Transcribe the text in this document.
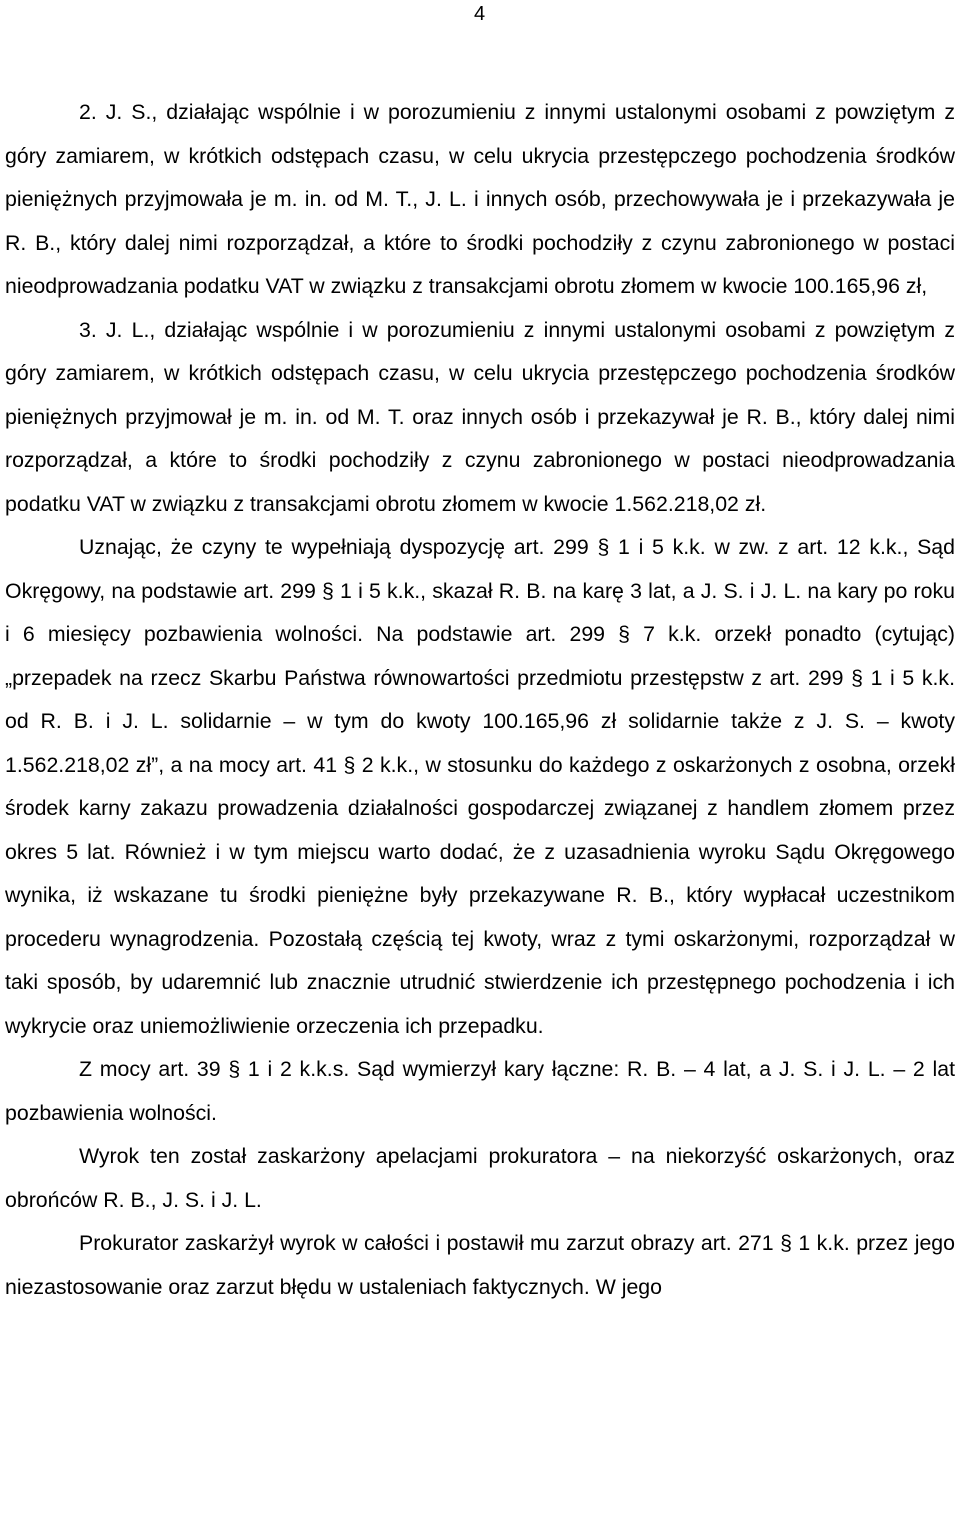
4

2. J. S., działając wspólnie i w porozumieniu z innymi ustalonymi osobami z powziętym z góry zamiarem, w krótkich odstępach czasu, w celu ukrycia przestępczego pochodzenia środków pieniężnych przyjmowała je m. in. od M. T., J. L. i innych osób, przechowywała je i przekazywała je R. B., który dalej nimi rozporządzał, a które to środki pochodziły z czynu zabronionego w postaci nieodprowadzania podatku VAT w związku z transakcjami obrotu złomem w kwocie 100.165,96 zł,

3. J. L., działając wspólnie i w porozumieniu z innymi ustalonymi osobami z powziętym z góry zamiarem, w krótkich odstępach czasu, w celu ukrycia przestępczego pochodzenia środków pieniężnych przyjmował je m. in. od M. T. oraz innych osób i przekazywał je R. B., który dalej nimi rozporządzał, a które to środki pochodziły z czynu zabronionego w postaci nieodprowadzania podatku VAT w związku z transakcjami obrotu złomem w kwocie 1.562.218,02 zł.

Uznając, że czyny te wypełniają dyspozycję art. 299 § 1 i 5 k.k. w zw. z art. 12 k.k., Sąd Okręgowy, na podstawie art. 299 § 1 i 5 k.k., skazał R. B. na karę 3 lat, a J. S. i J. L. na kary po roku i 6 miesięcy pozbawienia wolności. Na podstawie art. 299 § 7 k.k. orzekł ponadto (cytując) „przepadek na rzecz Skarbu Państwa równowartości przedmiotu przestępstw z art. 299 § 1 i 5 k.k. od R. B. i J. L. solidarnie – w tym do kwoty 100.165,96 zł solidarnie także z J. S. – kwoty 1.562.218,02 zł”, a na mocy art. 41 § 2 k.k., w stosunku do każdego z oskarżonych z osobna, orzekł środek karny zakazu prowadzenia działalności gospodarczej związanej z handlem złomem przez okres 5 lat. Również i w tym miejscu warto dodać, że z uzasadnienia wyroku Sądu Okręgowego wynika, iż wskazane tu środki pieniężne były przekazywane R. B., który wypłacał uczestnikom procederu wynagrodzenia. Pozostałą częścią tej kwoty, wraz z tymi oskarżonymi, rozporządzał w taki sposób, by udaremnić lub znacznie utrudnić stwierdzenie ich przestępnego pochodzenia i ich wykrycie oraz uniemożliwienie orzeczenia ich przepadku.

Z mocy art. 39 § 1 i 2 k.k.s. Sąd wymierzył kary łączne: R. B. – 4 lat, a J. S. i J. L. – 2 lat pozbawienia wolności.

Wyrok ten został zaskarżony apelacjami prokuratora – na niekorzyść oskarżonych, oraz obrońców R. B., J. S. i J. L.

Prokurator zaskarżył wyrok w całości i postawił mu zarzut obrazy art. 271 § 1 k.k. przez jego niezastosowanie oraz zarzut błędu w ustaleniach faktycznych. W jego
